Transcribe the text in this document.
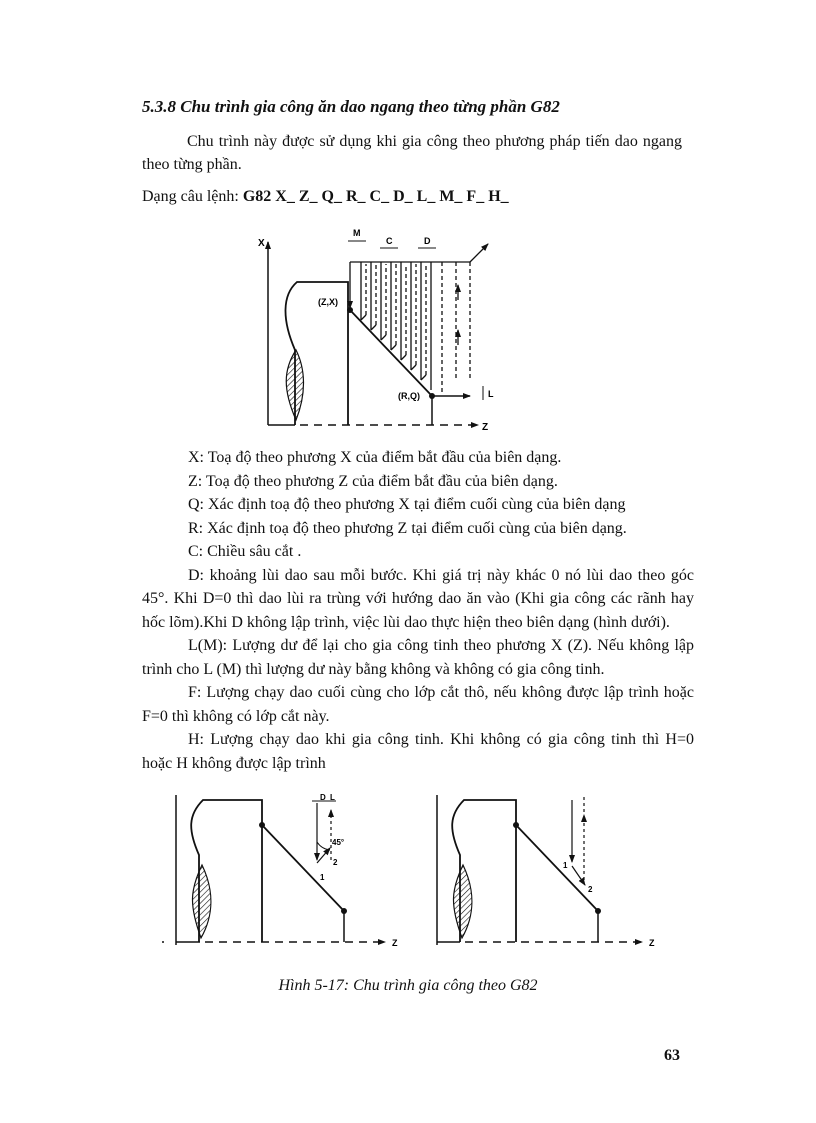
5.3.8 Chu trình gia công ăn dao ngang theo từng phần G82
Chu trình này được sử dụng khi gia công theo phương pháp tiến dao ngang theo từng phần.
Dạng câu lệnh: G82 X_ Z_ Q_ R_ C_ D_ L_ M_ F_ H_
X
Z
(Z,X)
(R,Q)
M
C	D
L

X: Toạ độ theo phương X của điểm bắt đầu của biên dạng.

Z: Toạ độ theo phương Z của điểm bắt đầu của biên dạng.

Q: Xác định toạ độ theo phương X tại điểm cuối cùng của biên dạng

R: Xác định toạ độ theo phương Z tại điểm cuối cùng của biên dạng.

C: Chiều sâu cắt .

D: khoảng lùi dao sau mỗi bước. Khi giá trị này khác 0 nó lùi dao theo góc 45°. Khi D=0 thì dao lùi ra trùng với hướng dao ăn vào (Khi gia công các rãnh hay hốc lõm).Khi D không lập trình, việc lùi dao thực hiện theo biên dạng (hình dưới).

L(M): Lượng dư để lại cho gia công tinh theo phương X (Z). Nếu không lập trình cho L (M) thì lượng dư này bằng không và không có gia công tinh.

F: Lượng chạy dao cuối cùng cho lớp cắt thô, nếu không được lập trình hoặc F=0 thì không có lớp cắt này.

H: Lượng chạy dao khi gia công tinh. Khi không có gia công tinh thì H=0 hoặc H không được lập trình

Z
D L
45°
1
2
Z
1
2
Hình 5-17: Chu trình gia công theo G82
63
